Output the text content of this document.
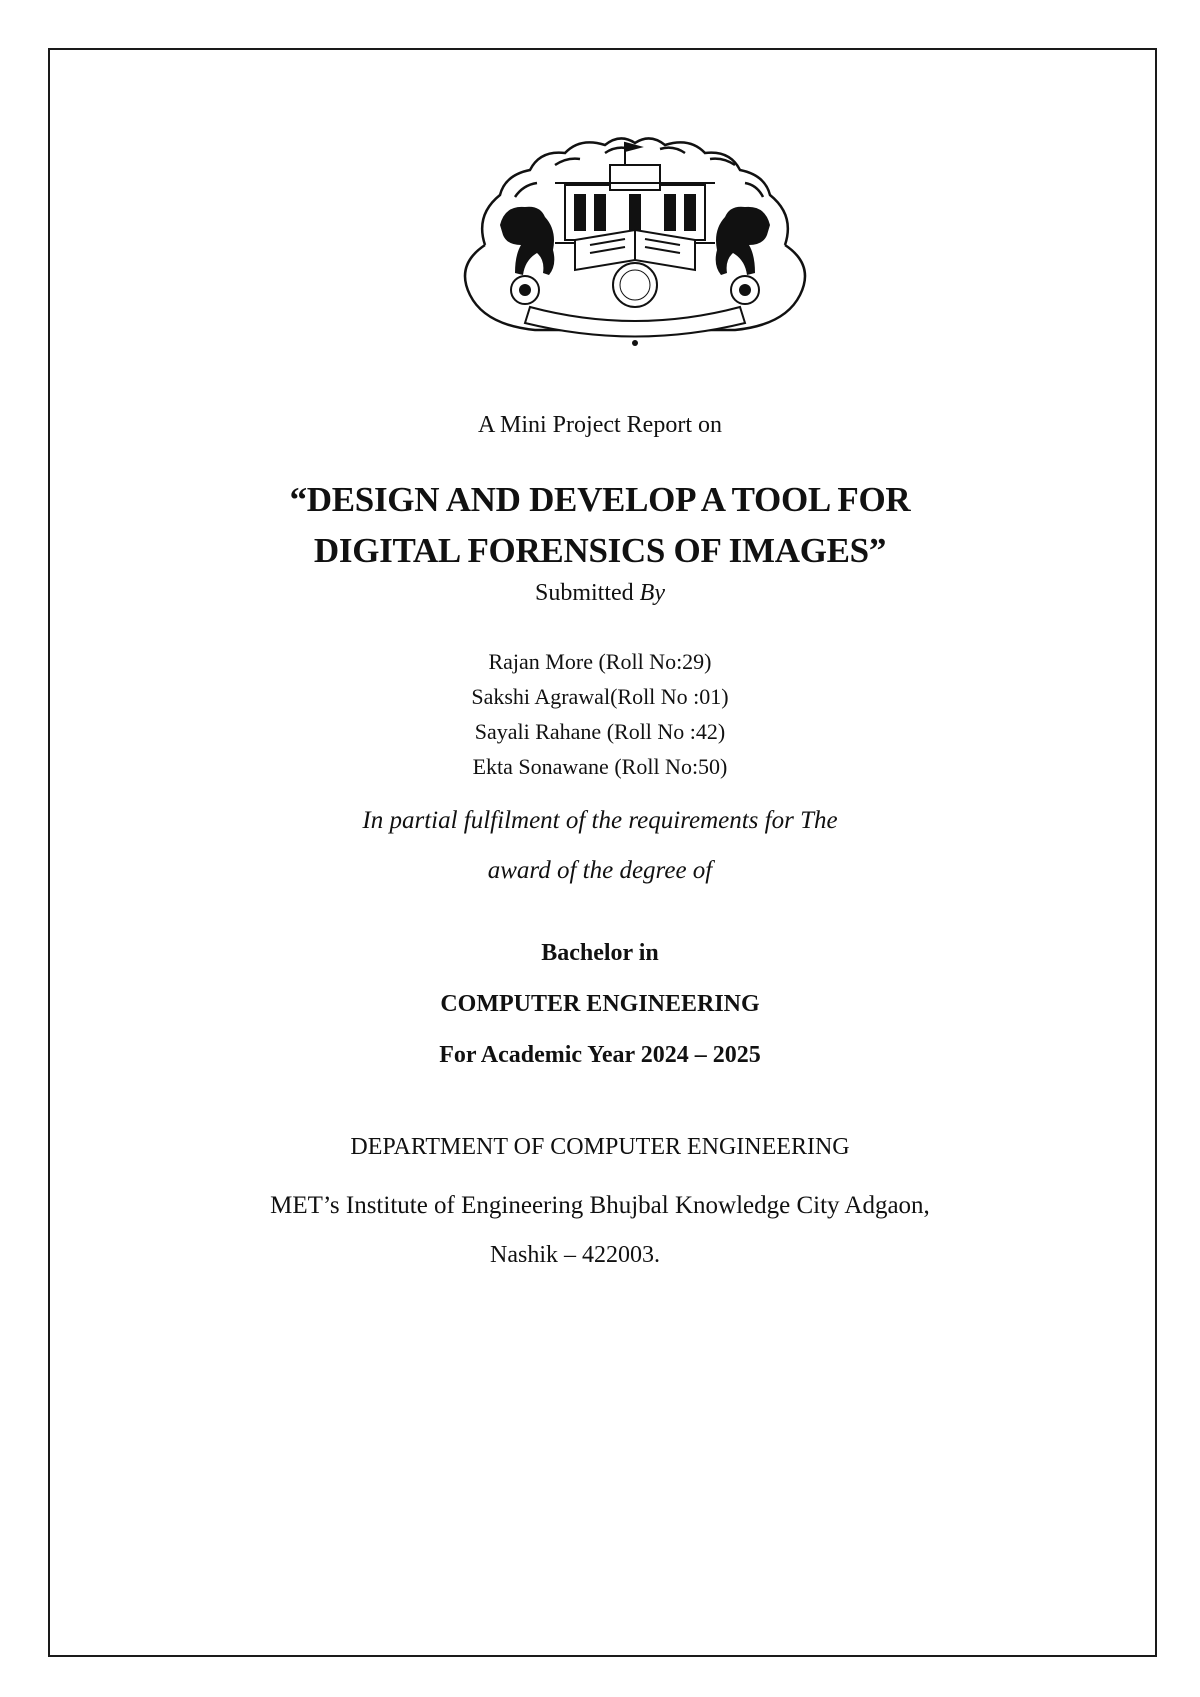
A Mini Project Report on
“DESIGN AND DEVELOP A TOOL FOR
DIGITAL FORENSICS OF IMAGES”
Submitted By
Rajan More (Roll No:29)
Sakshi Agrawal(Roll No :01)
Sayali Rahane (Roll No :42)
Ekta Sonawane (Roll No:50)
In partial fulfilment of the requirements for The
award of the degree of
Bachelor in
COMPUTER ENGINEERING
For Academic Year 2024 – 2025
DEPARTMENT OF COMPUTER ENGINEERING
MET’s Institute of Engineering Bhujbal Knowledge City Adgaon,
Nashik – 422003.
